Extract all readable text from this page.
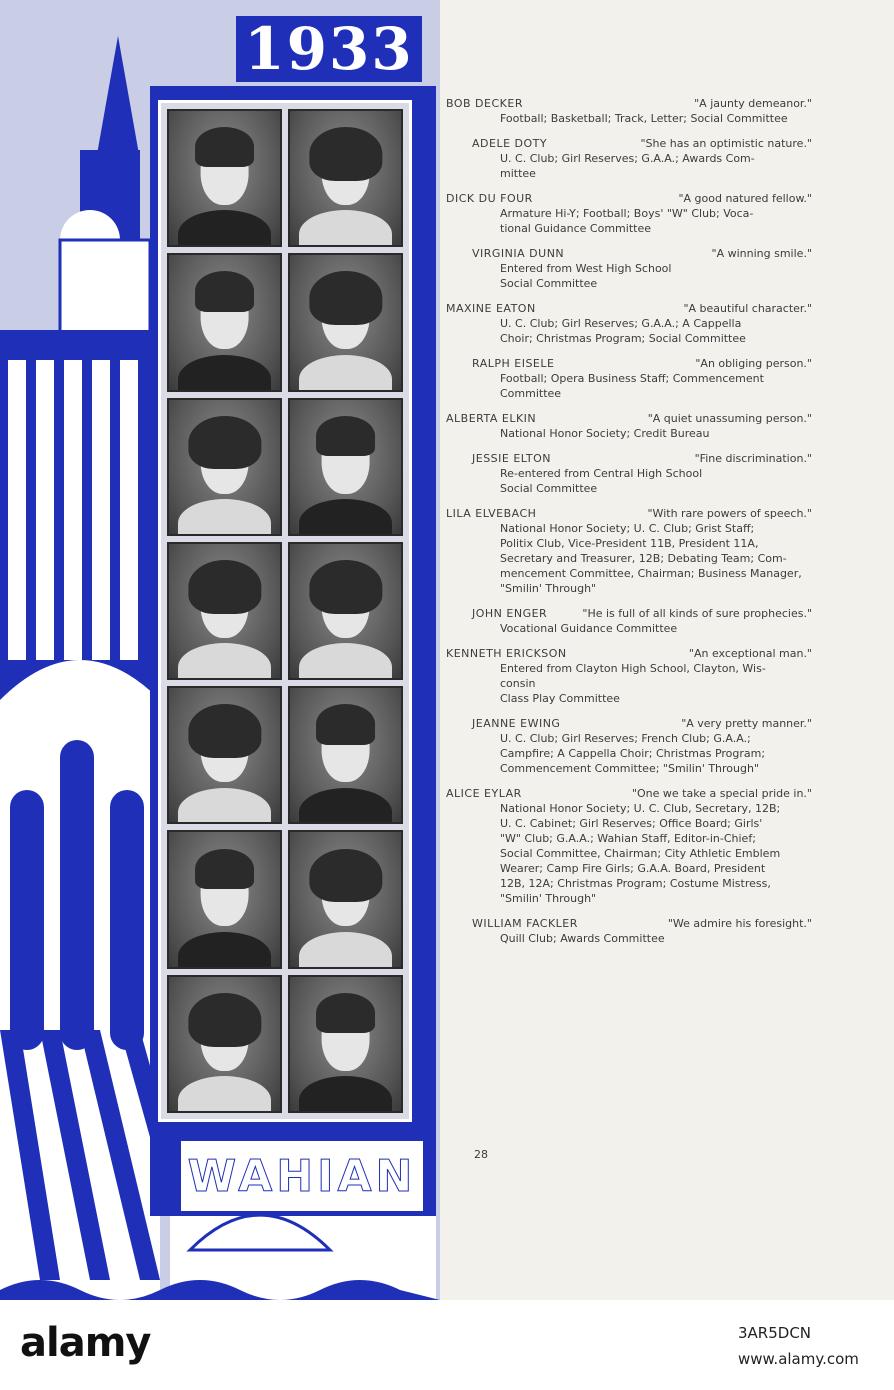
1933
WAHIAN
BOB DECKER	"A jaunty demeanor."
Football; Basketball; Track, Letter; Social Committee
ADELE DOTY	"She has an optimistic nature."
U. C. Club; Girl Reserves; G.A.A.; Awards Com-
mittee
DICK DU FOUR	"A good natured fellow."
Armature Hi-Y; Football; Boys' "W" Club; Voca-
tional Guidance Committee
VIRGINIA DUNN	"A winning smile."
Entered from West High School
Social Committee
MAXINE EATON	"A beautiful character."
U. C. Club; Girl Reserves; G.A.A.; A Cappella
Choir; Christmas Program; Social Committee
RALPH EISELE	"An obliging person."
Football; Opera Business Staff; Commencement
Committee
ALBERTA ELKIN	"A quiet unassuming person."
National Honor Society; Credit Bureau
JESSIE ELTON	"Fine discrimination."
Re-entered from Central High School
Social Committee
LILA ELVEBACH	"With rare powers of speech."
National Honor Society; U. C. Club; Grist Staff;
Politix Club, Vice-President 11B, President 11A,
Secretary and Treasurer, 12B; Debating Team; Com-
mencement Committee, Chairman; Business Manager,
"Smilin' Through"
JOHN ENGER	"He is full of all kinds of sure prophecies."
Vocational Guidance Committee
KENNETH ERICKSON	"An exceptional man."
Entered from Clayton High School, Clayton, Wis-
consin
Class Play Committee
JEANNE EWING	"A very pretty manner."
U. C. Club; Girl Reserves; French Club; G.A.A.;
Campfire; A Cappella Choir; Christmas Program;
Commencement Committee; "Smilin' Through"
ALICE EYLAR	"One we take a special pride in."
National Honor Society; U. C. Club, Secretary, 12B;
U. C. Cabinet; Girl Reserves; Office Board; Girls'
"W" Club; G.A.A.; Wahian Staff, Editor-in-Chief;
Social Committee, Chairman; City Athletic Emblem
Wearer; Camp Fire Girls; G.A.A. Board, President
12B, 12A; Christmas Program; Costume Mistress,
"Smilin' Through"
WILLIAM FACKLER	"We admire his foresight."
Quill Club; Awards Committee
28
alamy	3AR5DCN
www.alamy.com
